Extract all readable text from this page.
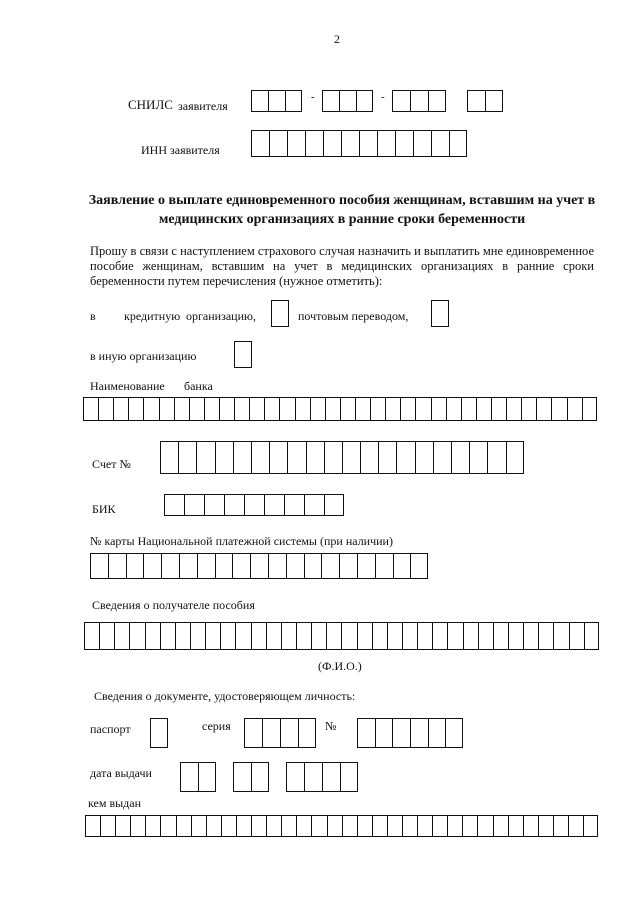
2
СНИЛС заявителя
-	-
ИНН заявителя
Заявление о выплате единовременного пособия женщинам, вставшим на учет в медицинских организациях в ранние сроки беременности
Прошу в связи с наступлением страхового случая назначить и выплатить мне единовременное пособие женщинам, вставшим на учет в медицинских организациях в ранние сроки беременности путем перечисления (нужное отметить):
в кредитную организацию,	почтовым переводом,
в иную организацию
Наименование банка
Счет №
БИК
№ карты Национальной платежной системы (при наличии)
Сведения о получателе пособия
(Ф.И.О.)
Сведения о документе, удостоверяющем личность:
паспорт	серия	№
дата выдачи
кем выдан
